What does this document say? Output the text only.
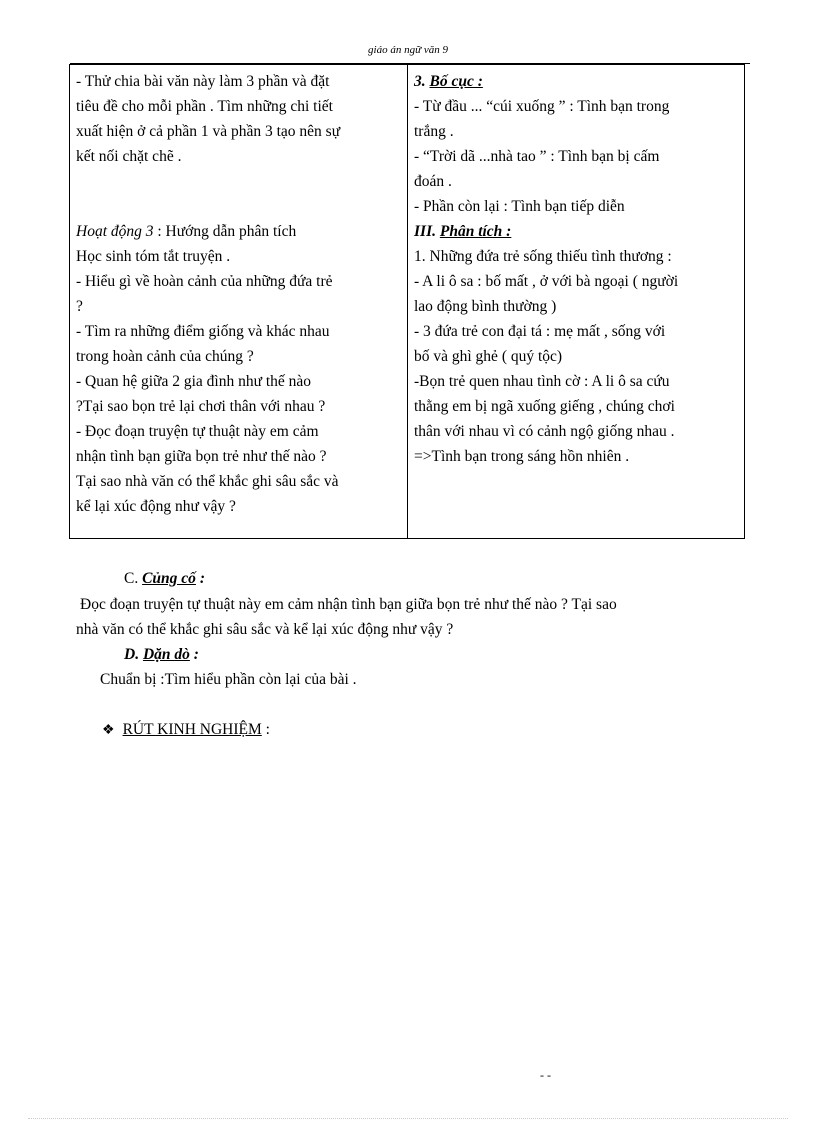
giáo án ngữ văn 9
- Thử chia bài văn này làm 3 phần và đặt
tiêu đề cho mỗi phần . Tìm những chi tiết
xuất hiện ở cả phần 1 và phần 3 tạo nên sự
kết nối chặt chẽ .

Hoạt động 3 : Hướng dẫn phân tích
Học sinh tóm tắt truyện .
- Hiểu gì về hoàn cảnh của những đứa trẻ
?
- Tìm ra những điểm giống và khác nhau
trong hoàn cảnh của chúng ?
- Quan hệ giữa 2 gia đình như thế nào
?Tại sao bọn trẻ lại chơi thân với nhau ?
- Đọc đoạn truyện tự thuật này em cảm
nhận tình bạn giữa bọn trẻ như thế nào ?
Tại sao nhà văn có thể khắc ghi sâu sắc và
kể lại xúc động như vậy ?
3. Bố cục :
- Từ đầu ... “cúi xuống ” : Tình bạn trong
trắng .
- “Trời dã ...nhà tao ” : Tình bạn bị cấm
đoán .
- Phần còn lại : Tình bạn tiếp diễn
III. Phân tích :
1. Những đứa trẻ sống thiếu tình thương :
- A li ô sa : bố mất , ở với bà ngoại ( người
lao động bình thường )
- 3 đứa trẻ con đại tá : mẹ mất , sống với
bố và ghì ghẻ ( quý tộc)
-Bọn trẻ quen nhau tình cờ : A li ô sa cứu
thằng em bị ngã xuống giếng , chúng chơi
thân với nhau vì có cảnh ngộ giống nhau .
=>Tình bạn trong sáng hồn nhiên .
C. Củng cố :
Đọc đoạn truyện tự thuật này em cảm nhận tình bạn giữa bọn trẻ như thế nào ? Tại sao
nhà văn có thể khắc ghi sâu sắc và kể lại xúc động như vậy ?
D. Dặn dò :
Chuẩn bị :Tìm hiểu phần còn lại của bài .
❖ RÚT KINH NGHIỆM :
- -
